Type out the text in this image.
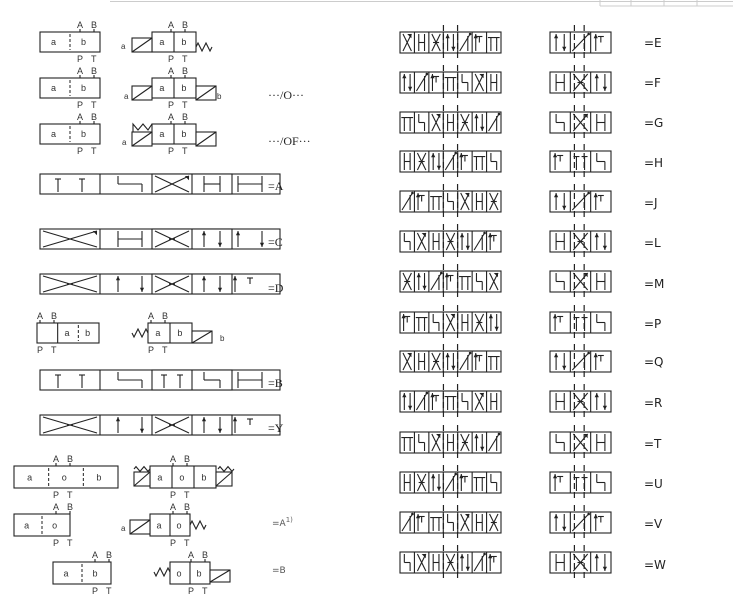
a	b
A B
P T
a b
A B
P T
a
a	b
A B
P T
a b
A B
P T
a	b
a	b
A B
P T
a b
A B
P T
a
a b
A B
P T
a b
A B
P T
b
a	o	b
A B
P T
a o b
A B
P T
a	o
A B
P T
a o
A B
P T
a
a	b
A B
P T
o b
A B
P T
···/O···
···/OF···
=A
=C
=D
=B
=Y
$=A^{1)}$
=B
=E
=F
=G
=H
=J
=L
=M
=P
=Q
=R
=T
=U
=V
=W
